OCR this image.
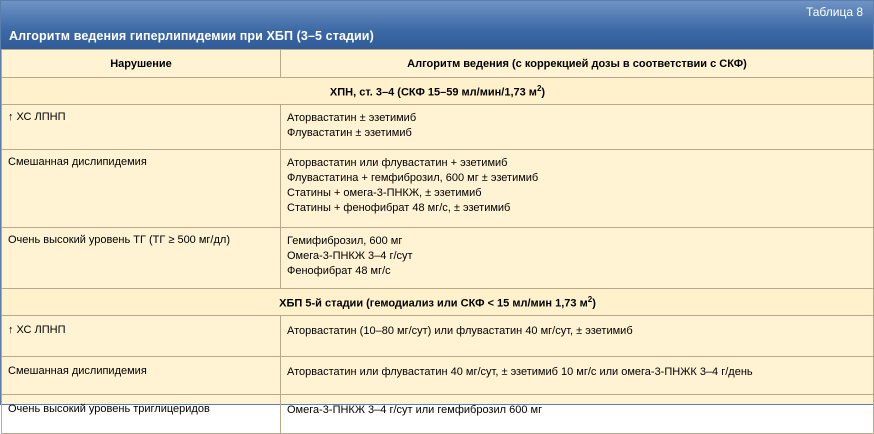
Таблица 8
Алгоритм ведения гиперлипидемии при ХБП (3–5 стадии)
Нарушение	Алгоритм ведения (с коррекцией дозы в соответствии с СКФ)
ХПН, ст. 3–4 (СКФ 15–59 мл/мин/1,73 $м^2$)	
↑ ХС ЛПНП	Аторвастатин ± эзетимиб
Флувастатин ± эзетимиб

Смешанная дислипидемия	Аторвастатин или флувастатин + эзетимиб
Флувастатина + гемфиброзил, 600 мг ± эзетимиб
Статины + омега-3-ПНКЖ, ± эзетимиб
Статины + фенофибрат 48 мг/с, ± эзетимиб

Очень высокий уровень ТГ (ТГ ≥ 500 мг/дл)	Гемифиброзил, 600 мг
Омега-3-ПНКЖ 3–4 г/сут
Фенофибрат 48 мг/с

ХБП 5-й стадии (гемодиализ или СКФ < 15 мл/мин 1,73 $м^2$)	
↑ ХС ЛПНП	Аторвастатин (10–80 мг/сут) или флувастатин 40 мг/сут, ± эзетимиб

Смешанная дислипидемия	Аторвастатин или флувастатин 40 мг/сут, ± эзетимиб 10 мг/с или омега-3-ПНЖК 3–4 г/день

Очень высокий уровень триглицеридов	Омега-3-ПНКЖ 3–4 г/сут или гемфиброзил 600 мг
